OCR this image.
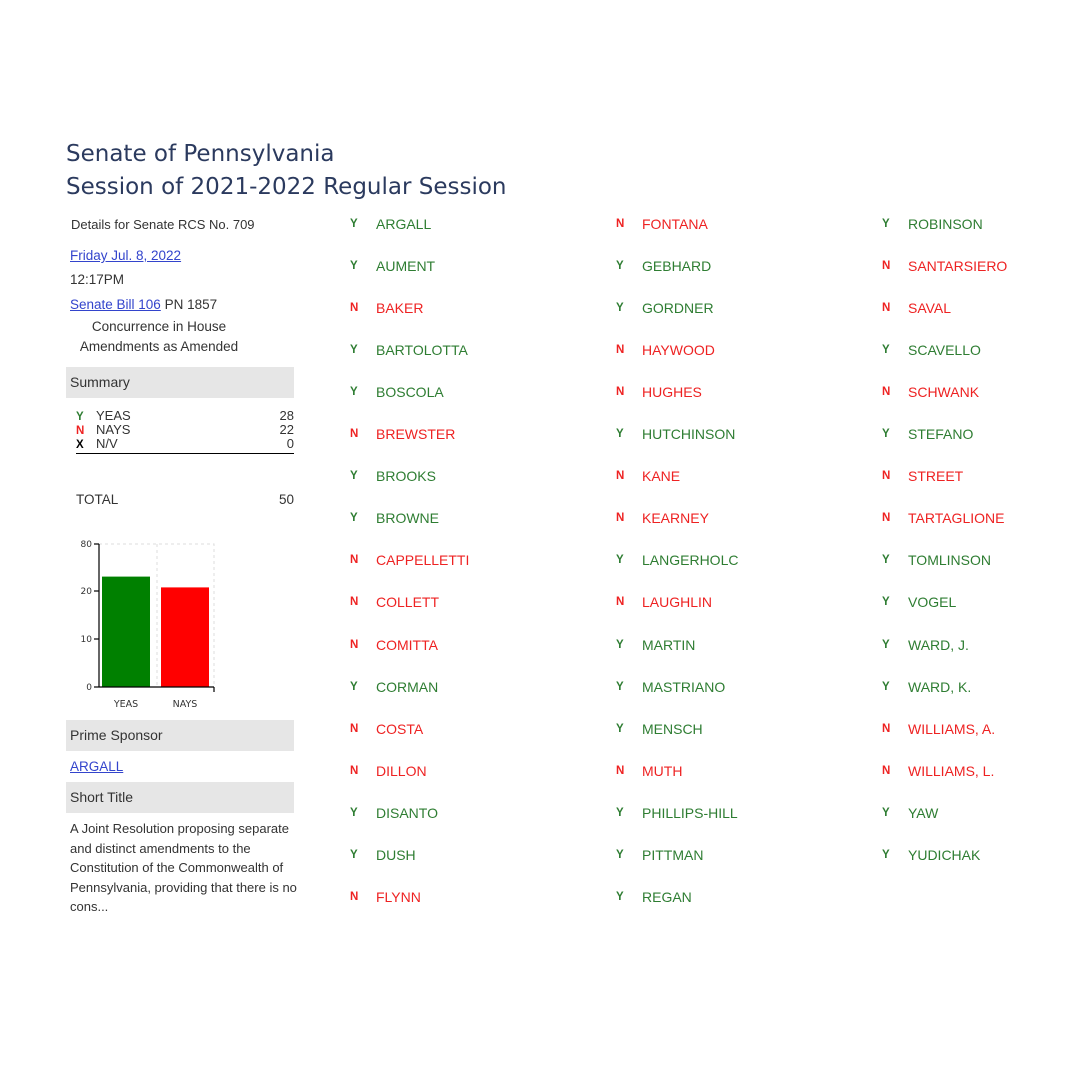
Senate of Pennsylvania
Session of 2021-2022 Regular Session
Details for Senate RCS No. 709
Friday Jul. 8, 2022
12:17PM
Senate Bill 106 PN 1857
Concurrence in House Amendments as Amended
Summary
Y YEAS	28
N NAYS	22
X N/V	0
TOTAL	50
YEAS	NAYS
0
10
20
80
Prime Sponsor
ARGALL
Short Title
A Joint Resolution proposing separate and distinct amendments to the Constitution of the Commonwealth of Pennsylvania, providing that there is no cons...
Y ARGALL
Y AUMENT
N BAKER
Y BARTOLOTTA
Y BOSCOLA
N BREWSTER
Y BROOKS
Y BROWNE
N CAPPELLETTI
N COLLETT
N COMITTA
Y CORMAN
N COSTA
N DILLON
Y DISANTO
Y DUSH
N FLYNN
N FONTANA
Y GEBHARD
Y GORDNER
N HAYWOOD
N HUGHES
Y HUTCHINSON
N KANE
N KEARNEY
Y LANGERHOLC
N LAUGHLIN
Y MARTIN
Y MASTRIANO
Y MENSCH
N MUTH
Y PHILLIPS-HILL
Y PITTMAN
Y REGAN
Y ROBINSON
N SANTARSIERO
N SAVAL
Y SCAVELLO
N SCHWANK
Y STEFANO
N STREET
N TARTAGLIONE
Y TOMLINSON
Y VOGEL
Y WARD, J.
Y WARD, K.
N WILLIAMS, A.
N WILLIAMS, L.
Y YAW
Y YUDICHAK
